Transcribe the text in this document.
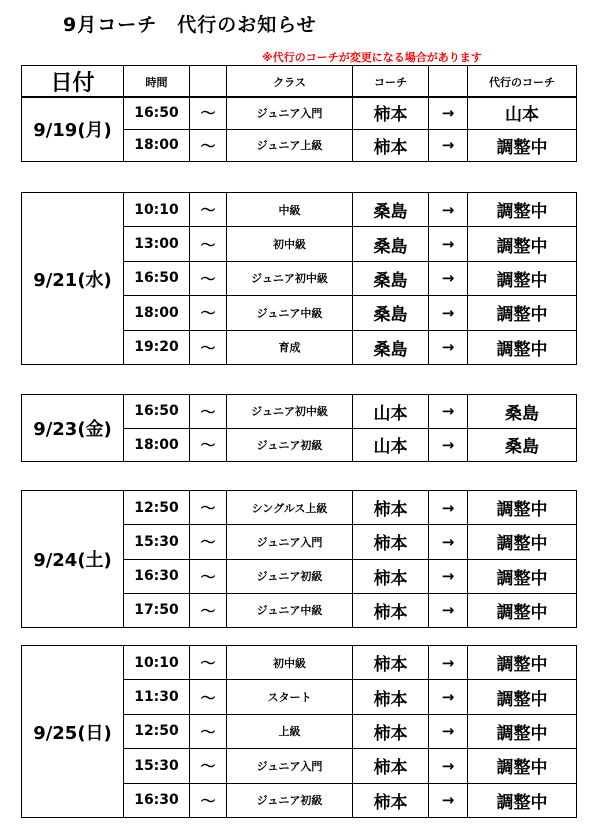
9月コーチ　代行のお知らせ
※代行のコーチが変更になる場合があります
日付	時間		クラス	コーチ		代行のコーチ
9/19(月)	16:50	〜	ジュニア入門	柿本	→	山本
	18:00	〜	ジュニア上級	柿本	→	調整中
9/21(水)	10:10	〜	中級	桑島	→	調整中
	13:00	〜	初中級	桑島	→	調整中
	16:50	〜	ジュニア初中級	桑島	→	調整中
	18:00	〜	ジュニア中級	桑島	→	調整中
	19:20	〜	育成	桑島	→	調整中
9/23(金)	16:50	〜	ジュニア初中級	山本	→	桑島
	18:00	〜	ジュニア初級	山本	→	桑島
9/24(土)	12:50	〜	シングルス上級	柿本	→	調整中
	15:30	〜	ジュニア入門	柿本	→	調整中
	16:30	〜	ジュニア初級	柿本	→	調整中
	17:50	〜	ジュニア中級	柿本	→	調整中
9/25(日)	10:10	〜	初中級	柿本	→	調整中
	11:30	〜	スタート	柿本	→	調整中
	12:50	〜	上級	柿本	→	調整中
	15:30	〜	ジュニア入門	柿本	→	調整中
	16:30	〜	ジュニア初級	柿本	→	調整中
